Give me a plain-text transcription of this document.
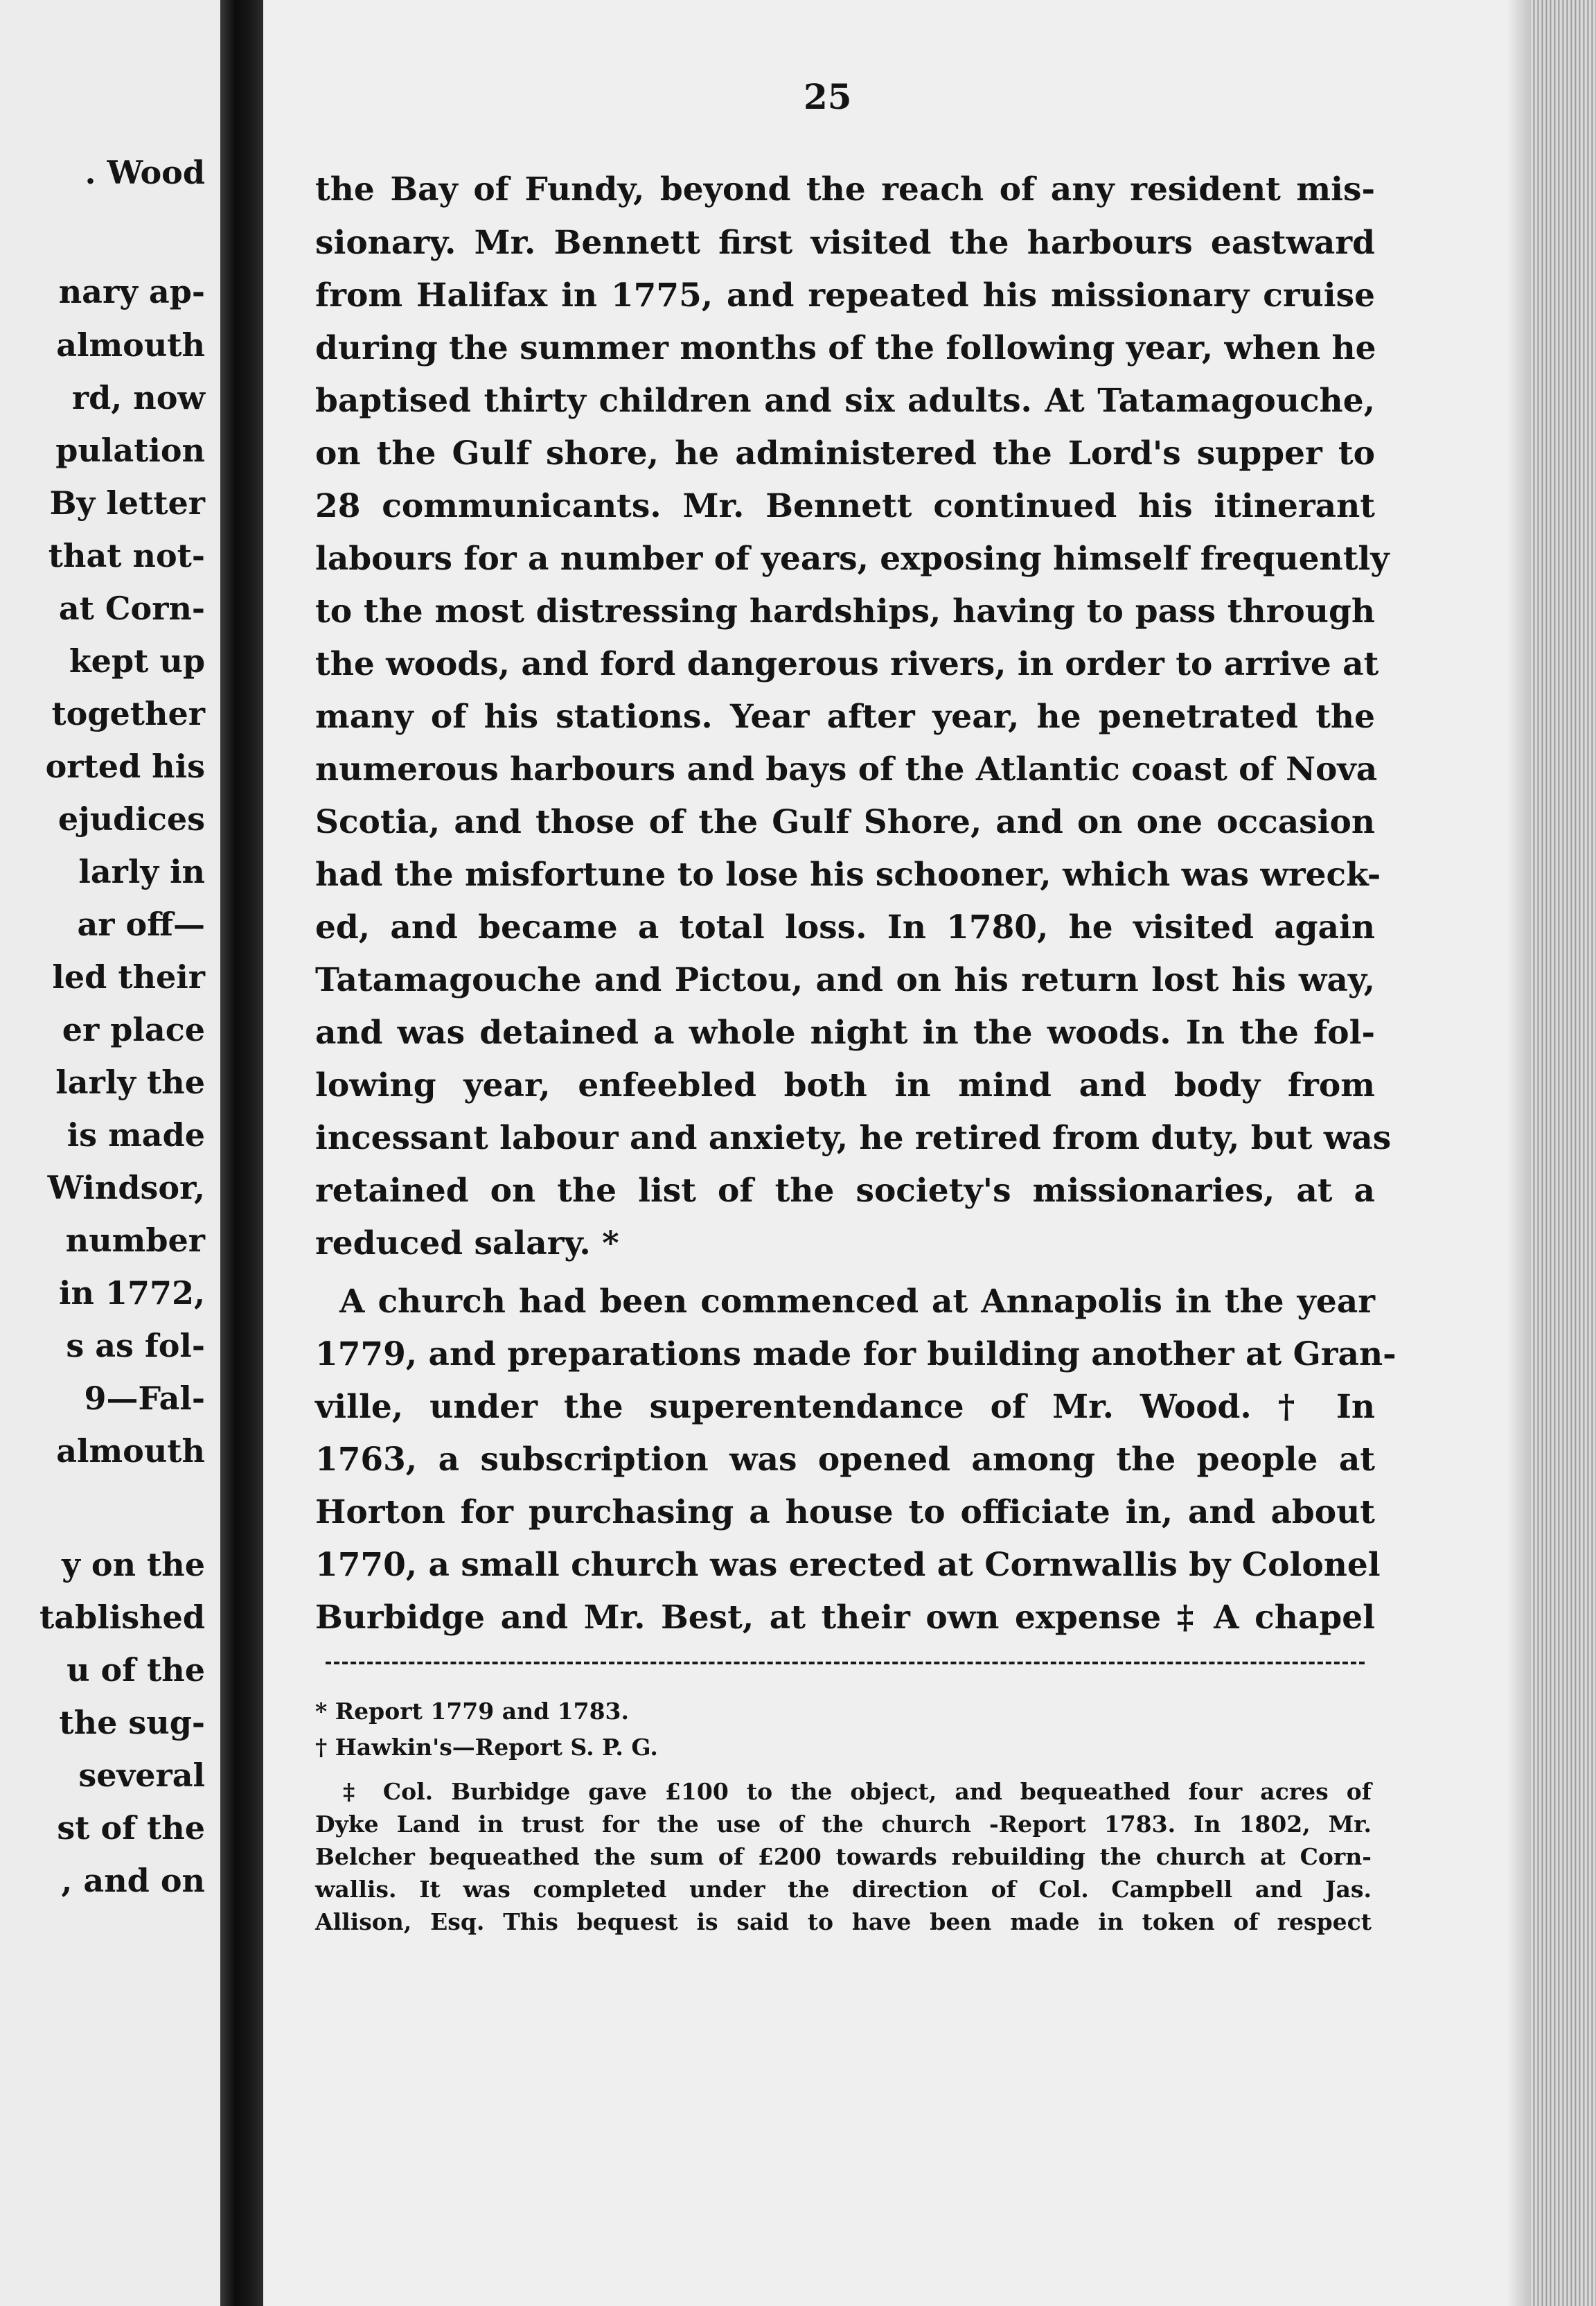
. Wood
nary ap-
almouth
rd, now
pulation
By letter
that not-
at Corn-
kept up
together
orted his
ejudices
larly in
ar off—
led their
er place
larly the
is made
Windsor,
number
in 1772,
s as fol-
9—Fal-
almouth
y on the
tablished
u of the
the sug-
several
st of the
, and on
25
the Bay of Fundy, beyond the reach of any resident mis-
sionary. Mr. Bennett first visited the harbours eastward
from Halifax in 1775, and repeated his missionary cruise
during the summer months of the following year, when he
baptised thirty children and six adults. At Tatamagouche,
on the Gulf shore, he administered the Lord's supper to
28 communicants. Mr. Bennett continued his itinerant
labours for a number of years, exposing himself frequently
to the most distressing hardships, having to pass through
the woods, and ford dangerous rivers, in order to arrive at
many of his stations. Year after year, he penetrated the
numerous harbours and bays of the Atlantic coast of Nova
Scotia, and those of the Gulf Shore, and on one occasion
had the misfortune to lose his schooner, which was wreck-
ed, and became a total loss. In 1780, he visited again
Tatamagouche and Pictou, and on his return lost his way,
and was detained a whole night in the woods. In the fol-
lowing year, enfeebled both in mind and body from
incessant labour and anxiety, he retired from duty, but was
retained on the list of the society's missionaries, at a
reduced salary. *
A church had been commenced at Annapolis in the year
1779, and preparations made for building another at Gran-
ville, under the superentendance of Mr. Wood. † In
1763, a subscription was opened among the people at
Horton for purchasing a house to officiate in, and about
1770, a small church was erected at Cornwallis by Colonel
Burbidge and Mr. Best, at their own expense ‡ A chapel
* Report 1779 and 1783.
† Hawkin's—Report S. P. G.
‡ Col. Burbidge gave £100 to the object, and bequeathed four acres of
Dyke Land in trust for the use of the church -Report 1783. In 1802, Mr.
Belcher bequeathed the sum of £200 towards rebuilding the church at Corn-
wallis. It was completed under the direction of Col. Campbell and Jas.
Allison, Esq. This bequest is said to have been made in token of respect
